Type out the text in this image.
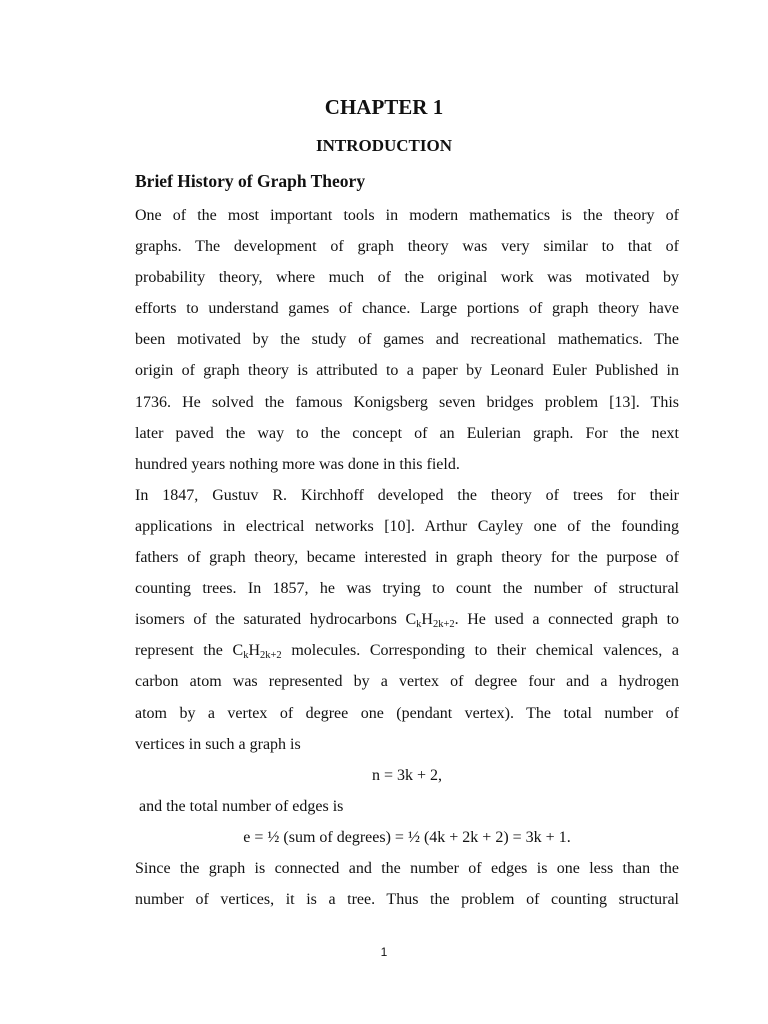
CHAPTER 1
INTRODUCTION
Brief History of Graph Theory
One of the most important tools in modern mathematics is the theory of
graphs. The development of graph theory was very similar to that of
probability theory, where much of the original work was motivated by
efforts to understand games of chance. Large portions of graph theory have
been motivated by the study of games and recreational mathematics. The
origin of graph theory is attributed to a paper by Leonard Euler Published in
1736. He solved the famous Konigsberg seven bridges problem [13]. This
later paved the way to the concept of an Eulerian graph. For the next
hundred years nothing more was done in this field.
In 1847, Gustuv R. Kirchhoff developed the theory of trees for their
applications in electrical networks [10]. Arthur Cayley one of the founding
fathers of graph theory, became interested in graph theory for the purpose of
counting trees. In 1857, he was trying to count the number of structural
isomers of the saturated hydrocarbons $C_kH_{2k+2}$. He used a connected graph to
represent the $C_kH_{2k+2}$ molecules. Corresponding to their chemical valences, a
carbon atom was represented by a vertex of degree four and a hydrogen
atom by a vertex of degree one (pendant vertex). The total number of
vertices in such a graph is
n = 3k + 2,
and the total number of edges is
e = ½ (sum of degrees) = ½ (4k + 2k + 2) = 3k + 1.
Since the graph is connected and the number of edges is one less than the
number of vertices, it is a tree. Thus the problem of counting structural
1
